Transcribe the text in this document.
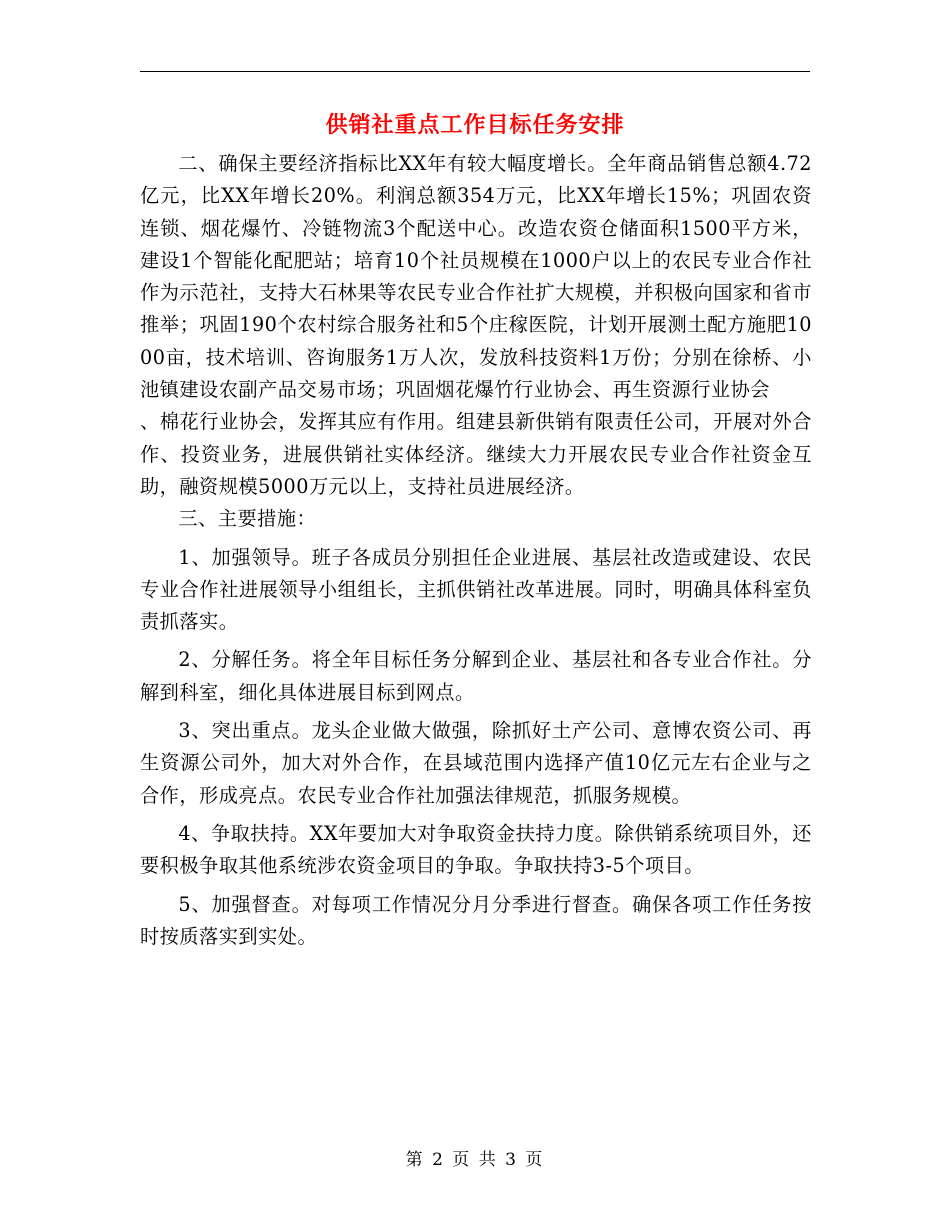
供销社重点工作目标任务安排

二、确保主要经济指标比XX年有较大幅度增长。全年商品销售总额4.72亿元，比XX年增长20%。利润总额354万元，比XX年增长15%；巩固农资连锁、烟花爆竹、冷链物流3个配送中心。改造农资仓储面积1500平方米，建设1个智能化配肥站；培育10个社员规模在1000户以上的农民专业合作社作为示范社，支持大石林果等农民专业合作社扩大规模，并积极向国家和省市推举；巩固190个农村综合服务社和5个庄稼医院，计划开展测土配方施肥1000亩，技术培训、咨询服务1万人次，发放科技资料1万份；分别在徐桥、小池镇建设农副产品交易市场；巩固烟花爆竹行业协会、再生资源行业协会

、棉花行业协会，发挥其应有作用。组建县新供销有限责任公司，开展对外合作、投资业务，进展供销社实体经济。继续大力开展农民专业合作社资金互助，融资规模5000万元以上，支持社员进展经济。

三、主要措施：

1、加强领导。班子各成员分别担任企业进展、基层社改造或建设、农民专业合作社进展领导小组组长，主抓供销社改革进展。同时，明确具体科室负责抓落实。

2、分解任务。将全年目标任务分解到企业、基层社和各专业合作社。分解到科室，细化具体进展目标到网点。

3、突出重点。龙头企业做大做强，除抓好土产公司、意博农资公司、再生资源公司外，加大对外合作，在县域范围内选择产值10亿元左右企业与之合作，形成亮点。农民专业合作社加强法律规范，抓服务规模。

4、争取扶持。XX年要加大对争取资金扶持力度。除供销系统项目外，还要积极争取其他系统涉农资金项目的争取。争取扶持3-5个项目。

5、加强督查。对每项工作情况分月分季进行督查。确保各项工作任务按时按质落实到实处。

第 2 页 共 3 页
